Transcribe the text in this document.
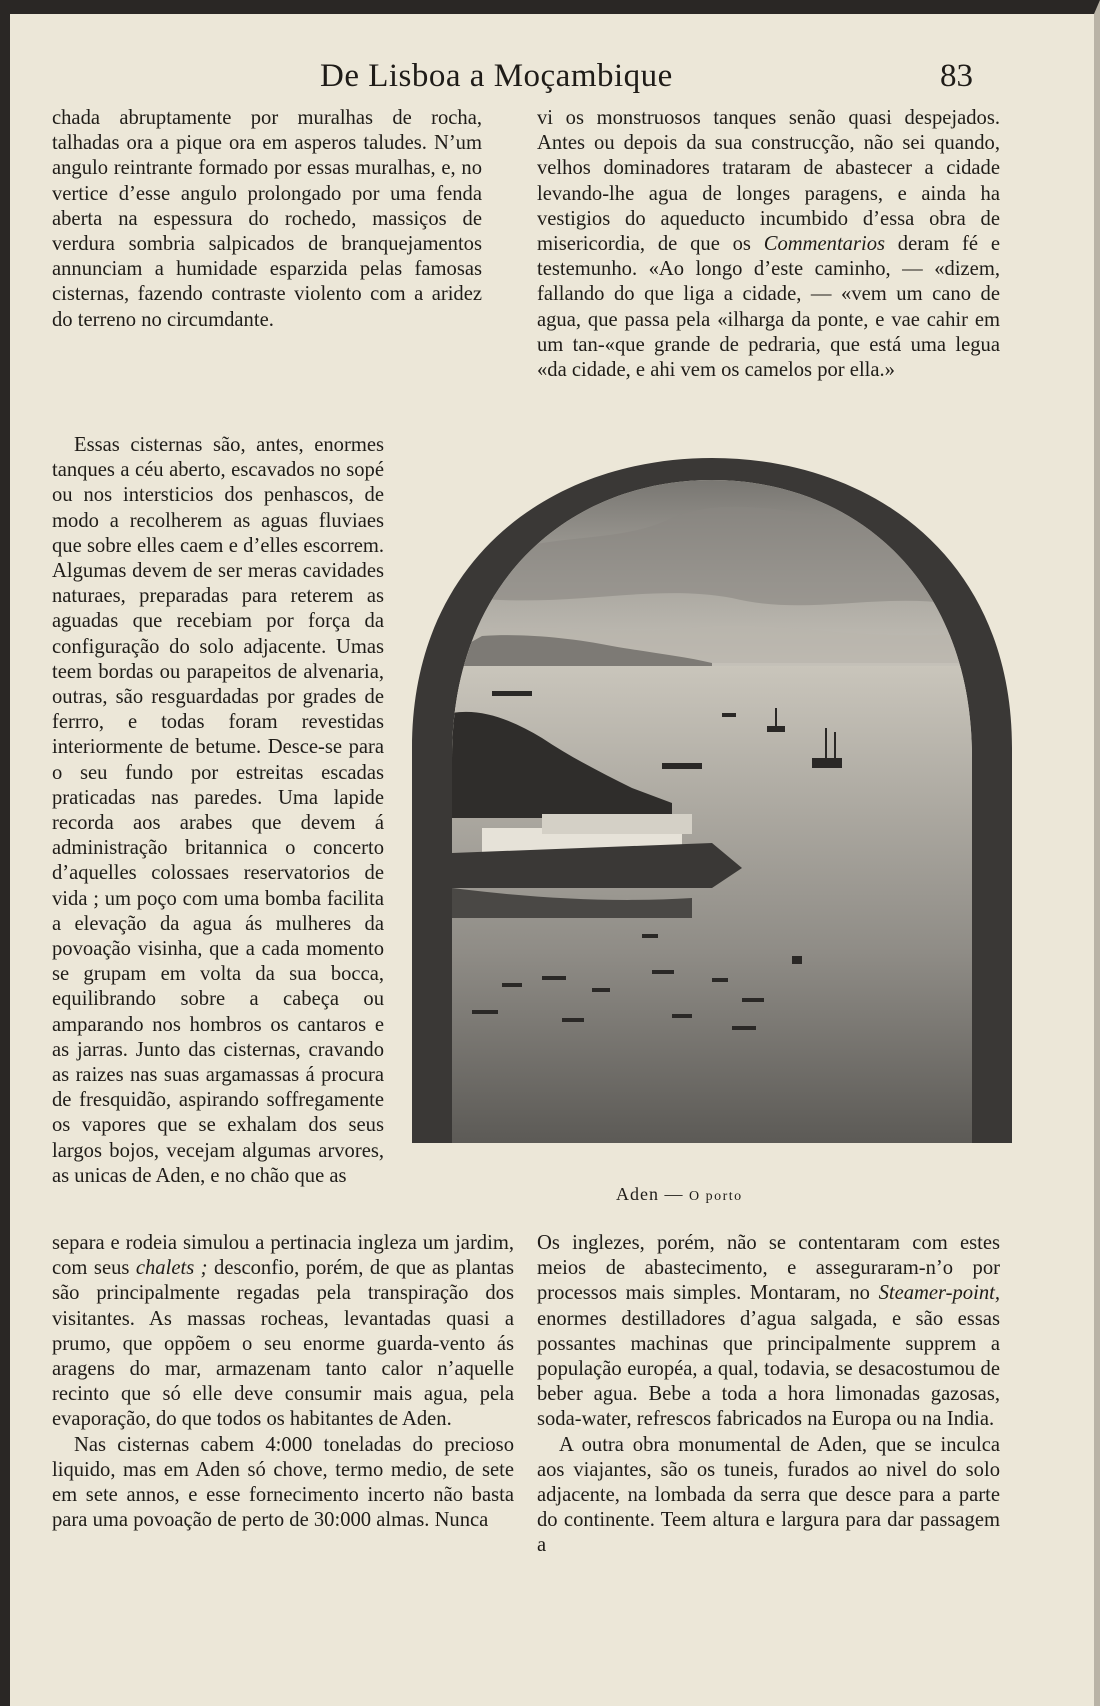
De Lisboa a Moçambique	83

chada abruptamente por muralhas de rocha, talhadas ora a pique ora em asperos taludes. N’um angulo reintrante formado por essas muralhas, e, no vertice d’esse angulo prolongado por uma fenda aberta na espessura do rochedo, massiços de verdura sombria salpicados de branquejamentos annunciam a humidade esparzida pelas famosas cisternas, fazendo contraste violento com a aridez do terreno no circumdante.

Essas cisternas são, antes, enormes tanques a céu aberto, escavados no sopé ou nos intersticios dos penhascos, de modo a recolherem as aguas fluviaes que sobre elles caem e d’elles escorrem. Algumas devem de ser meras cavidades naturaes, preparadas para reterem as aguadas que recebiam por força da configuração do solo adjacente. Umas teem bordas ou parapeitos de alvenaria, outras, são resguardadas por grades de ferrro, e todas foram revestidas interiormente de betume. Desce-se para o seu fundo por estreitas escadas praticadas nas paredes. Uma lapide recorda aos arabes que devem á administração britannica o concerto d’aquelles colossaes reservatorios de vida ; um poço com uma bomba facilita a elevação da agua ás mulheres da povoação visinha, que a cada momento se grupam em volta da sua bocca, equilibrando sobre a cabeça ou amparando nos hombros os cantaros e as jarras. Junto das cisternas, cravando as raizes nas suas argamassas á procura de fresquidão, aspirando soffregamente os vapores que se exhalam dos seus largos bojos, vecejam algumas arvores, as unicas de Aden, e no chão que as

separa e rodeia simulou a pertinacia ingleza um jardim, com seus chalets ; desconfio, porém, de que as plantas são principalmente regadas pela transpiração dos visitantes. As massas rocheas, levantadas quasi a prumo, que oppõem o seu enorme guarda-vento ás aragens do mar, armazenam tanto calor n’aquelle recinto que só elle deve consumir mais agua, pela evaporação, do que todos os habitantes de Aden.

Nas cisternas cabem 4:000 toneladas do precioso liquido, mas em Aden só chove, termo medio, de sete em sete annos, e esse fornecimento incerto não basta para uma povoação de perto de 30:000 almas. Nunca

vi os monstruosos tanques senão quasi despejados. Antes ou depois da sua construcção, não sei quando, velhos dominadores trataram de abastecer a cidade levando-lhe agua de longes paragens, e ainda ha vestigios do aqueducto incumbido d’essa obra de misericordia, de que os Commentarios deram fé e testemunho. «Ao longo d’este caminho, — «dizem, fallando do que liga a cidade, — «vem um cano de agua, que passa pela «ilharga da ponte, e vae cahir em um tan-«que grande de pedraria, que está uma legua «da cidade, e ahi vem os camelos por ella.»

Aden — O porto

Os inglezes, porém, não se contentaram com estes meios de abastecimento, e asseguraram-n’o por processos mais simples. Montaram, no Steamer-point, enormes destilladores d’agua salgada, e são essas possantes machinas que principalmente supprem a população européa, a qual, todavia, se desacostumou de beber agua. Bebe a toda a hora limonadas gazosas, soda-water, refrescos fabricados na Europa ou na India.

A outra obra monumental de Aden, que se inculca aos viajantes, são os tuneis, furados ao nivel do solo adjacente, na lombada da serra que desce para a parte do continente. Teem altura e largura para dar passagem a
